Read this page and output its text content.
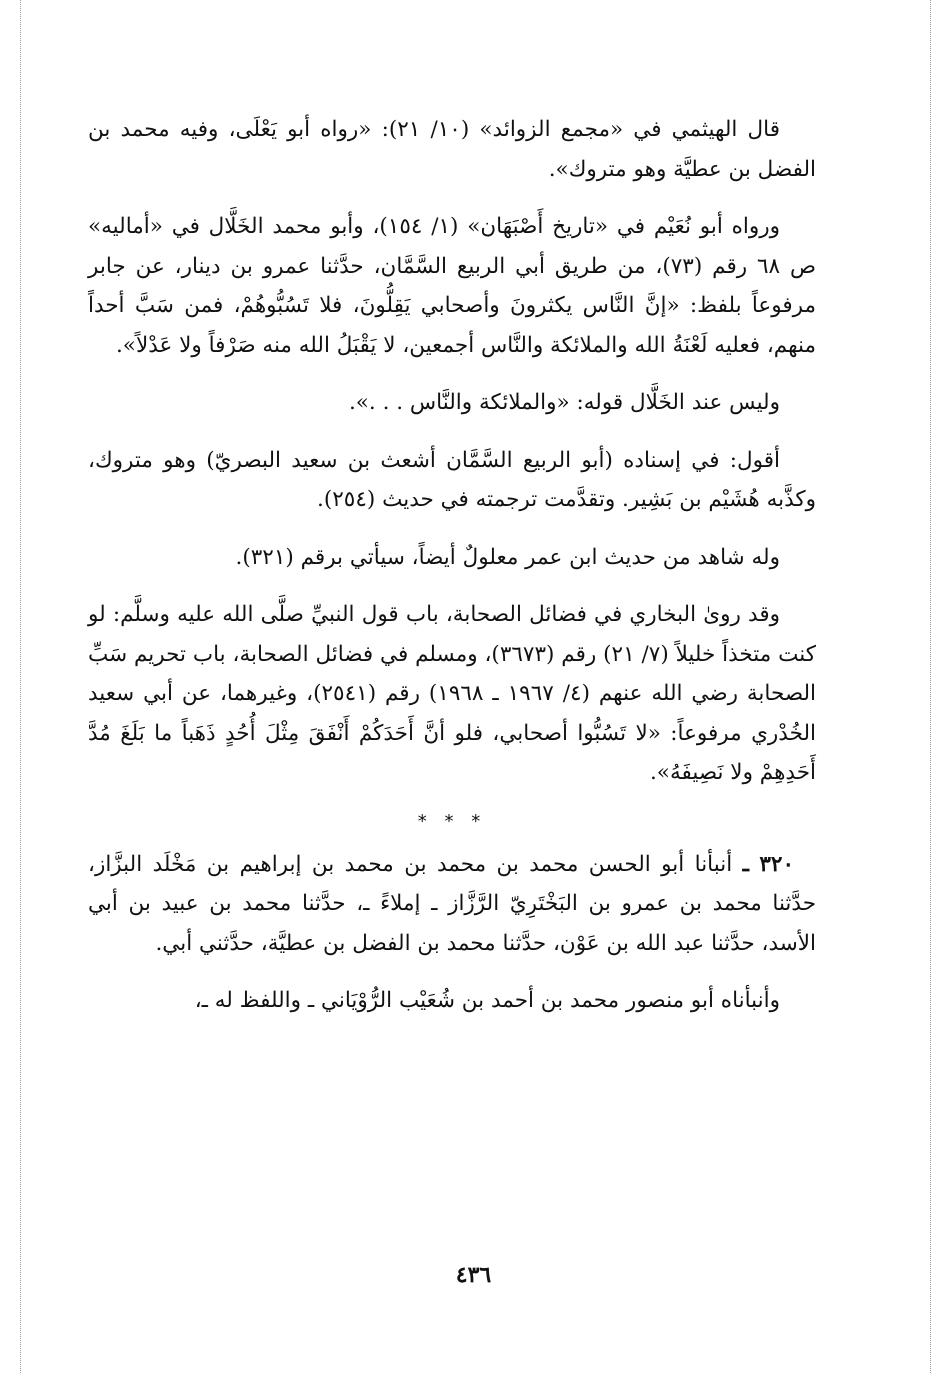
قال الهيثمي في «مجمع الزوائد» (١٠/ ٢١): «رواه أبو يَعْلَى، وفيه محمد بن الفضل بن عطيَّة وهو متروك».

ورواه أبو نُعَيْم في «تاريخ أَصْبَهَان» (١/ ١٥٤)، وأبو محمد الخَلَّال في «أماليه» ص ٦٨ رقم (٧٣)، من طريق أبي الربيع السَّمَّان، حدَّثنا عمرو بن دينار، عن جابر مرفوعاً بلفظ: «إنَّ النَّاس يكثرونَ وأصحابي يَقِلُّونَ، فلا تَسُبُّوهُمْ، فمن سَبَّ أحداً منهم، فعليه لَعْنَةُ الله والملائكة والنَّاس أجمعين، لا يَقْبَلُ الله منه صَرْفاً ولا عَدْلاً».

وليس عند الخَلَّال قوله: «والملائكة والنَّاس . . .».

أقول: في إسناده (أبو الربيع السَّمَّان أشعث بن سعيد البصريّ) وهو متروك، وكذَّبه هُشَيْم بن بَشِير. وتقدَّمت ترجمته في حديث (٢٥٤).

وله شاهد من حديث ابن عمر معلولٌ أيضاً، سيأتي برقم (٣٢١).

وقد روىٰ البخاري في فضائل الصحابة، باب قول النبيِّ صلَّى الله عليه وسلَّم: لو كنت متخذاً خليلاً (٧/ ٢١) رقم (٣٦٧٣)، ومسلم في فضائل الصحابة، باب تحريم سَبِّ الصحابة رضي الله عنهم (٤/ ١٩٦٧ ـ ١٩٦٨) رقم (٢٥٤١)، وغيرهما، عن أبي سعيد الخُدْري مرفوعاً: «لا تَسُبُّوا أصحابي، فلو أنَّ أَحَدَكُمْ أَنْفَقَ مِثْلَ أُحُدٍ ذَهَباً ما بَلَغَ مُدَّ أَحَدِهِمْ ولا نَصِيفَهُ».

* * *

٣٢٠ ـ أنبأنا أبو الحسن محمد بن محمد بن محمد بن إبراهيم بن مَخْلَد البزَّاز، حدَّثنا محمد بن عمرو بن البَخْتَرِيّ الرَّزَّاز ـ إملاءً ـ، حدَّثنا محمد بن عبيد بن أبي الأسد، حدَّثنا عبد الله بن عَوْن، حدَّثنا محمد بن الفضل بن عطيَّة، حدَّثني أبي.

وأنبأناه أبو منصور محمد بن أحمد بن شُعَيْب الرُّوْيَاني ـ واللفظ له ـ،

٤٣٦
